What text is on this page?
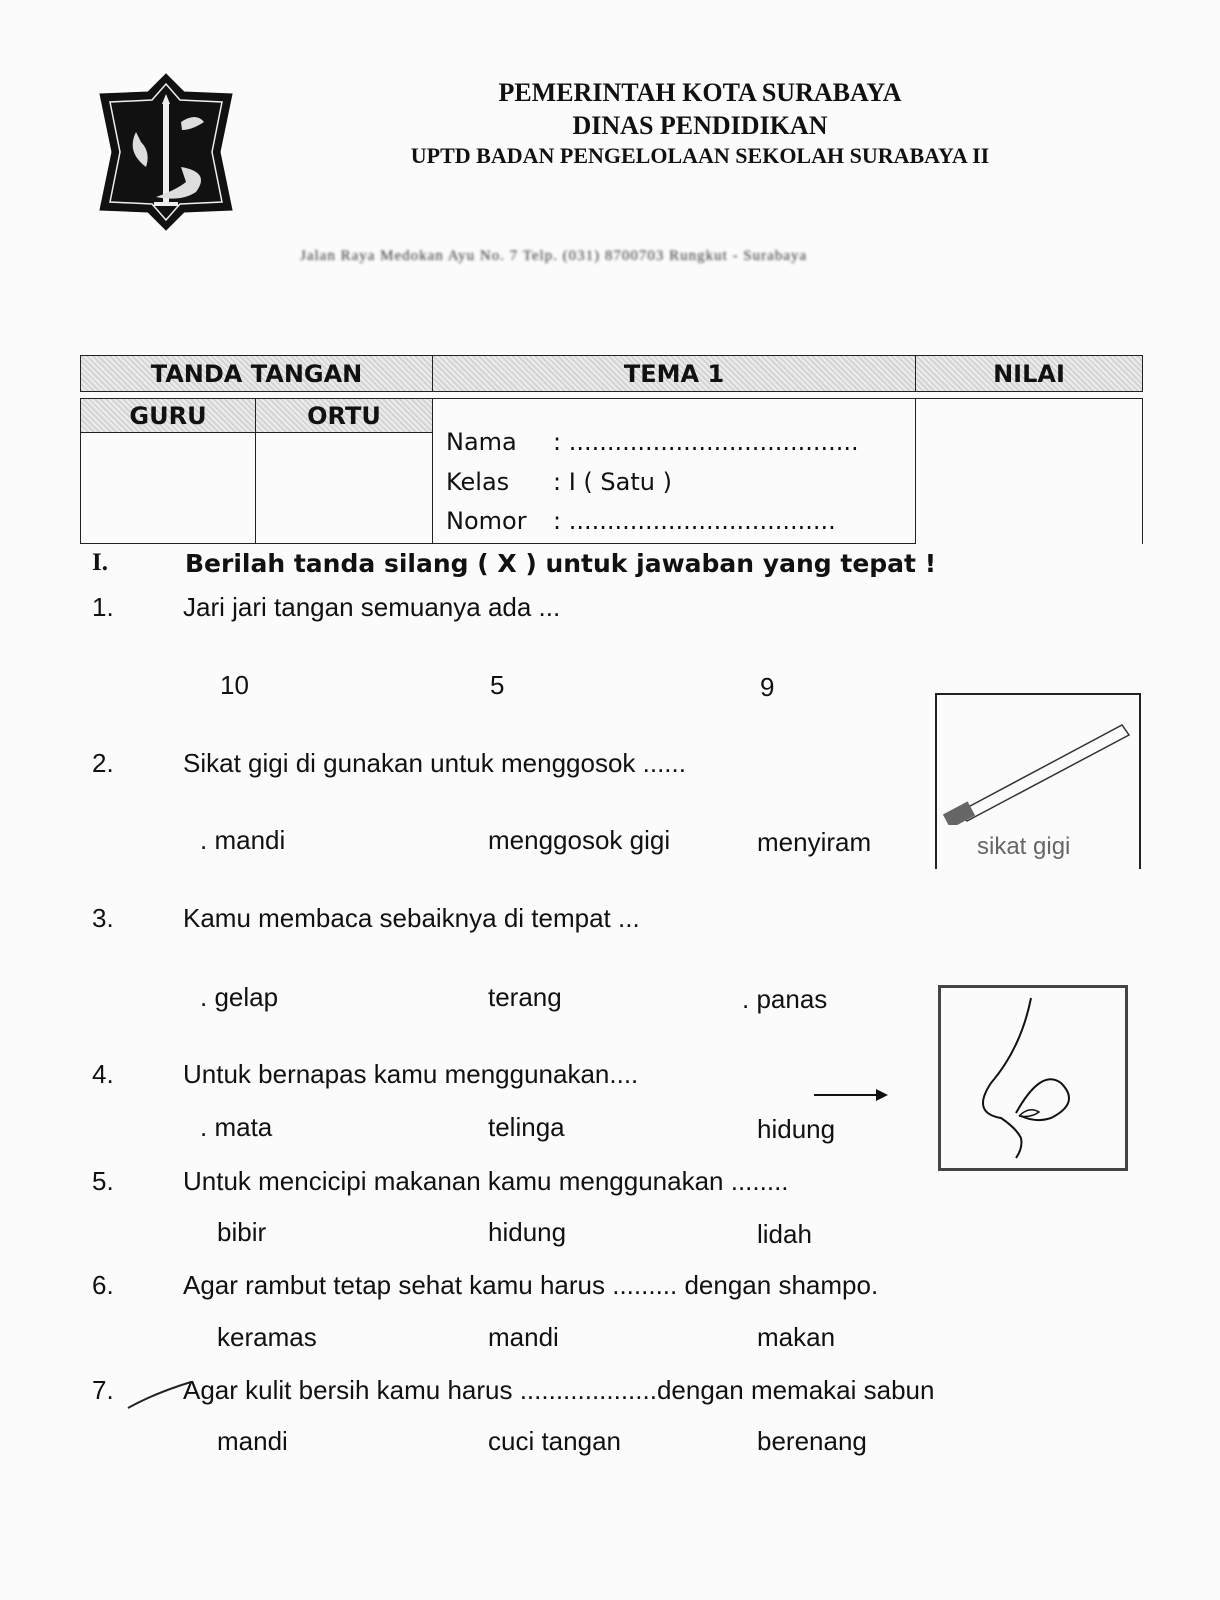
PEMERINTAH KOTA SURABAYA
DINAS PENDIDIKAN
UPTD BADAN PENGELOLAAN SEKOLAH SURABAYA II
Jalan Raya Medokan Ayu No. 7 Telp. (031) 8700703 Rungkut - Surabaya
TANDA TANGAN	TEMA 1	NILAI
GURU	ORTU
Nama : ......................................
Kelas : I ( Satu )
Nomor : ...................................
I.	Berilah tanda silang ( X ) untuk jawaban yang tepat !
1.	Jari jari tangan semuanya ada ...
10	5	9
2.	Sikat gigi di gunakan untuk menggosok ......
. mandi	menggosok gigi	menyiram
3.	Kamu membaca sebaiknya di tempat ...
. gelap	terang	. panas
4.	Untuk bernapas kamu menggunakan....
. mata	telinga	hidung
5.	Untuk mencicipi makanan kamu menggunakan ........
bibir	hidung	lidah
6.	Agar rambut tetap sehat kamu harus ......... dengan shampo.
keramas	mandi	makan
7.	Agar kulit bersih kamu harus ...................dengan memakai sabun
mandi	cuci tangan	berenang
sikat gigi
